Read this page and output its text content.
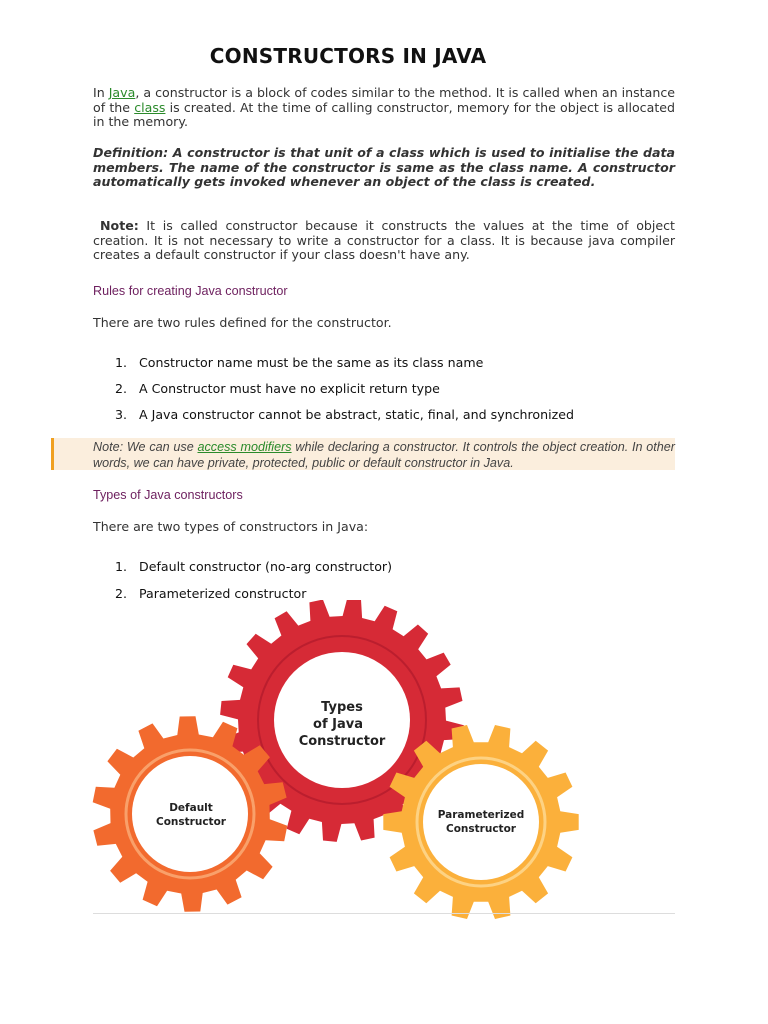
CONSTRUCTORS IN JAVA
In Java, a constructor is a block of codes similar to the method. It is called when an instance of the class is created. At the time of calling constructor, memory for the object is allocated in the memory.
Definition: A constructor is that unit of a class which is used to initialise the data members. The name of the constructor is same as the class name. A constructor automatically gets invoked whenever an object of the class is created.
Note: It is called constructor because it constructs the values at the time of object creation. It is not necessary to write a constructor for a class. It is because java compiler creates a default constructor if your class doesn't have any.
Rules for creating Java constructor
There are two rules defined for the constructor.
1. Constructor name must be the same as its class name
2. A Constructor must have no explicit return type
3. A Java constructor cannot be abstract, static, final, and synchronized
Note: We can use access modifiers while declaring a constructor. It controls the object creation. In other words, we can have private, protected, public or default constructor in Java.
Types of Java constructors
There are two types of constructors in Java:
1. Default constructor (no-arg constructor)
2. Parameterized constructor
Types
of Java
Constructor
Default
Constructor
Parameterized
Constructor
